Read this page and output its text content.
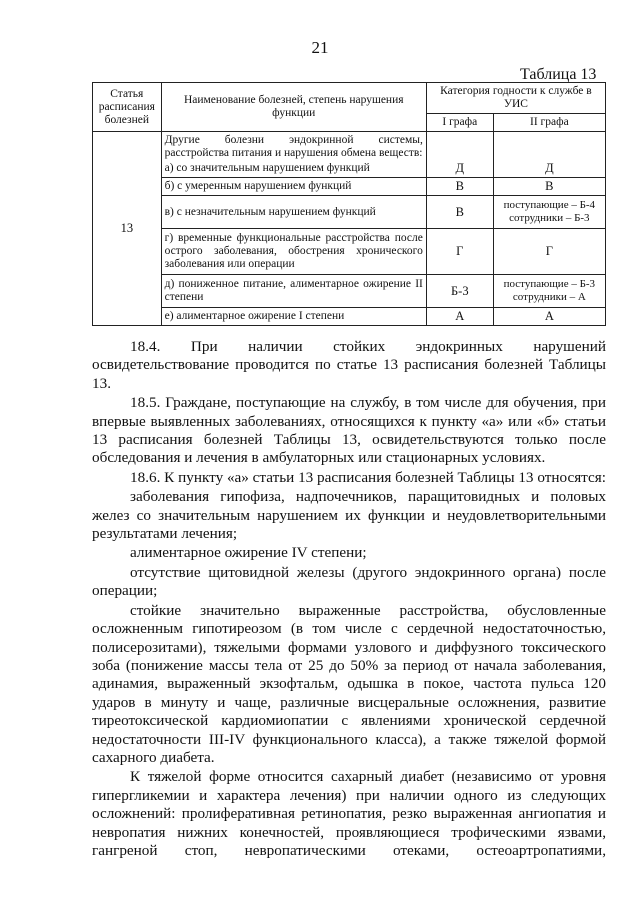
21
Таблица 13
Статья расписания болезней	Наименование болезней, степень нарушения функции	Категория годности к службе в УИС	
		I графа	II графа
13	Другие болезни эндокринной системы, расстройства питания и нарушения обмена веществ:		
	а) со значительным нарушением функций	Д	Д
	б) с умеренным нарушением функций	В	В
	в) с незначительным нарушением функций	В	поступающие – Б-4 сотрудники – Б-3
	г) временные функциональные расстройства после острого заболевания, обострения хронического заболевания или операции	Г	Г
	д) пониженное питание, алиментарное ожирение II степени	Б-3	поступающие – Б-3 сотрудники – А
	е) алиментарное ожирение I степени	А	А

18.4. При наличии стойких эндокринных нарушений освидетельствование проводится по статье 13 расписания болезней Таблицы 13.

18.5. Граждане, поступающие на службу, в том числе для обучения, при впервые выявленных заболеваниях, относящихся к пункту «а» или «б» статьи 13 расписания болезней Таблицы 13, освидетельствуются только после обследования и лечения в амбулаторных или стационарных условиях.

18.6. К пункту «а» статьи 13 расписания болезней Таблицы 13 относятся:

заболевания гипофиза, надпочечников, паращитовидных и половых желез со значительным нарушением их функции и неудовлетворительными результатами лечения;

алиментарное ожирение IV степени;

отсутствие щитовидной железы (другого эндокринного органа) после операции;

стойкие значительно выраженные расстройства, обусловленные осложненным гипотиреозом (в том числе с сердечной недостаточностью, полисерозитами), тяжелыми формами узлового и диффузного токсического зоба (понижение массы тела от 25 до 50% за период от начала заболевания, адинамия, выраженный экзофтальм, одышка в покое, частота пульса 120 ударов в минуту и чаще, различные висцеральные осложнения, развитие тиреотоксической кардиомиопатии с явлениями хронической сердечной недостаточности III-IV функционального класса), а также тяжелой формой сахарного диабета.

К тяжелой форме относится сахарный диабет (независимо от уровня гипергликемии и характера лечения) при наличии одного из следующих осложнений: пролиферативная ретинопатия, резко выраженная ангиопатия и невропатия нижних конечностей, проявляющиеся трофическими язвами, гангреной стоп, невропатическими отеками, остеоартропатиями,
